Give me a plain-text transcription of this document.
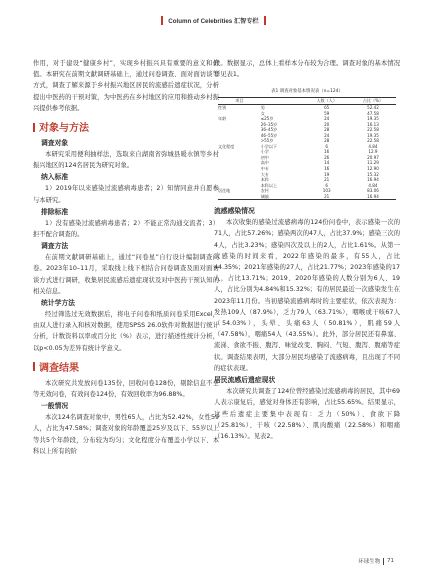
Column of Celebrities 汇智专栏

作用，对于建设“健康乡村”，实现乡村振兴具有重要的意义和价值。本研究在前期文献调研基础上，通过问卷调查、面对面访谈等方式，调查了解来源于乡村振兴地区居民的流感后遗症状况，分析提出中医药的干预对策，为中医药在乡村地区的应用和推动乡村振兴提供参考依据。

对象与方法
调查对象

本研究采用便利抽样法，选取来自湖南省弥城县暖水镇等乡村振兴地区的124名居民为研究对象。

纳入标准

1）2019年以来感染过流感病毒患者；2）知情同意并自愿参与本研究。

排除标准

1）没有感染过流感病毒患者；2）不能正常沟通交流者；3）拒不配合调查的。

调查方法

在前期文献调研基础上，通过“问卷星”自行设计编制调查问卷。2023年10–11月，采取线上线下相结合问卷调查及面对面访谈方式进行调研，收集居民流感后遗症现状及对中医药干预认知的相关信息。

统计学方法

经过筛选过无效数据后，将电子问卷和纸质问卷采用Excel，由双人进行录入和核对数据，使用SPSS 26.0软件对数据进行统计分析，计数资料以率或百分比（%）表示，进行描述性统计分析，以p<0.05为差异有统计学意义。

调查结果

本次研究共发放问卷135份，回收问卷128份，剔除信息不全等无效问卷，有效问卷124份，有效回收率为96.88%。

一般情况

本次124名调查对象中，男性65人，占比为52.42%，女性59人，占比为47.58%；调查对象的年龄覆盖25岁及以下、55岁以上等共5个年龄段，分布较为均匀；文化程度分布覆盖小学以下、本科以上所有的阶

段。数据显示，总体上看样本分布较为合理。调查对象的基本情况详见表1。

表1 调查对象基本情况表（n=124）
项目		人数（人）	占比（%）
性别	男	65	52.42
	女	59	47.58
年龄	≤25岁	24	19.35
	26–35岁	20	16.13
	36–45岁	28	22.58
	46–55岁	24	19.35
	>55岁	28	22.58
文化程度	小学以下	6	4.84
	小学	16	12.9
	初中	26	20.97
	高中	14	11.29
	中专	16	12.90
	大专	19	15.32
	本科	21	16.94
	本科以上	6	4.84
居住地	农村	103	83.06
	城镇	21	16.94
流感感染情况

本次收集的感染过流感病毒的124份问卷中，表示感染一次的71人，占比57.26%；感染两次的47人，占比37.9%；感染三次的4人，占比3.23%；感染四次及以上的2人，占比1.61%。从第一次感染的时间来看，2022年感染的最多，有55人，占比44.35%；2021年感染的27人，占比21.77%；2023年感染的17人，占比13.71%；2019、2020年感染的人数分别为6人、19人，占比分别为4.84%和15.32%；有的居民最近一次感染发生在2023年11月份。当初感染流感病毒时的主要症状，依次表现为：发热109人（87.9%），乏力79人（63.71%），咽喉或干咳67人（54.03%），头晕、头痛63人（50.81%），肌痛59人（47.58%），咽痛54人（43.55%）。此外，部分居民还有鼻塞、流涕、食欲不振、腹泻、味觉改变、胸闷、气短、腹泻、腹痛等症状。调查结果表明，大部分居民均感染了流感病毒，且出现了不同的症状表现。

居民流感后遗症现状

本次研究共调查了124位曾经感染过流感病毒的居民，其中69人表示康复后，感觉对身体还有影响，占比55.65%。结果显示，这些后遗症主要集中表现有：乏力（50%）、食欲下降（25.81%）、干咳（22.58%）、肌肉酸痛（22.58%）和咽痛（16.13%）。见表2。

环球生物 71
